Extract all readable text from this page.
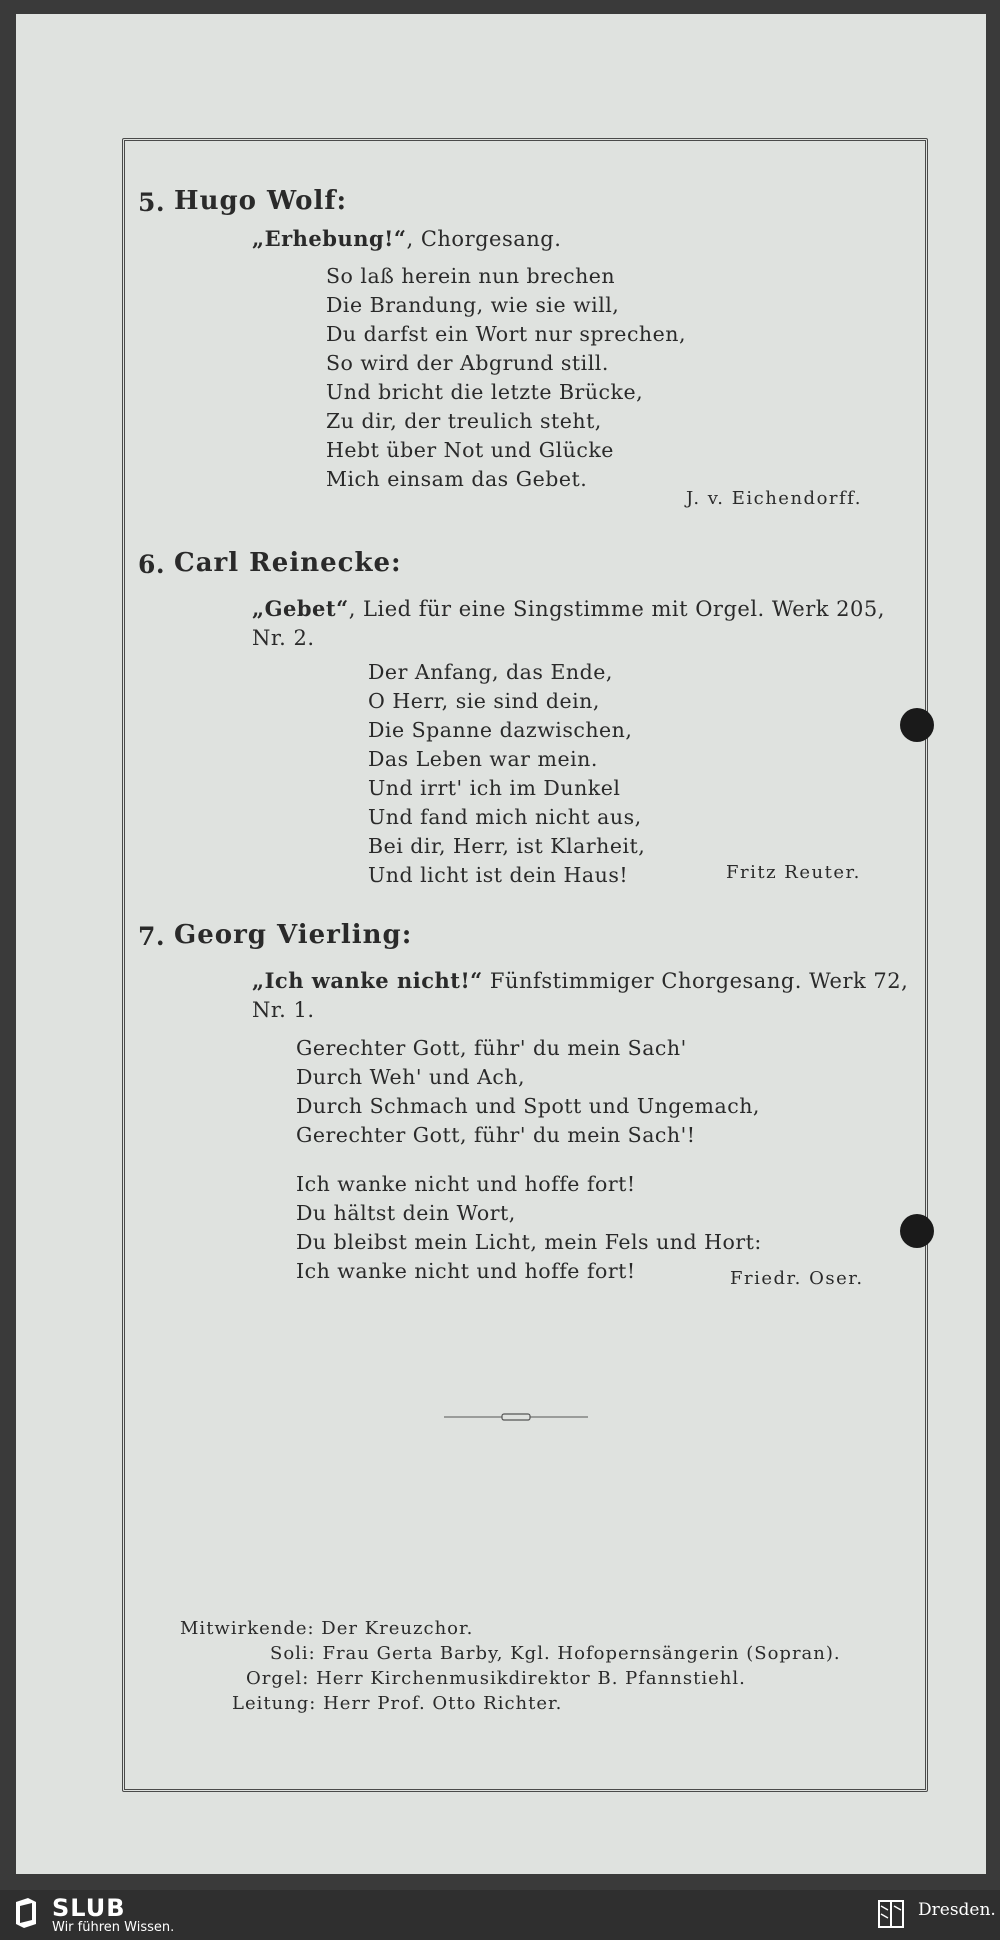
5. Hugo Wolf:
„Erhebung!“, Chorgesang.
So laß herein nun brechen
Die Brandung, wie sie will,
Du darfst ein Wort nur sprechen,
So wird der Abgrund still.
Und bricht die letzte Brücke,
Zu dir, der treulich steht,
Hebt über Not und Glücke
Mich einsam das Gebet.
J. v. Eichendorff.
6. Carl Reinecke:
„Gebet“, Lied für eine Singstimme mit Orgel. Werk 205,
Nr. 2.
Der Anfang, das Ende,
O Herr, sie sind dein,
Die Spanne dazwischen,
Das Leben war mein.
Und irrt' ich im Dunkel
Und fand mich nicht aus,
Bei dir, Herr, ist Klarheit,
Und licht ist dein Haus!	Fritz Reuter.
7. Georg Vierling:
„Ich wanke nicht!“ Fünfstimmiger Chorgesang. Werk 72,
Nr. 1.
Gerechter Gott, führ' du mein Sach'
Durch Weh' und Ach,
Durch Schmach und Spott und Ungemach,
Gerechter Gott, führ' du mein Sach'!
Ich wanke nicht und hoffe fort!
Du hältst dein Wort,
Du bleibst mein Licht, mein Fels und Hort:
Ich wanke nicht und hoffe fort!	Friedr. Oser.
Mitwirkende: Der Kreuzchor.
Soli: Frau Gerta Barby, Kgl. Hofopernsängerin (Sopran).
Orgel: Herr Kirchenmusikdirektor B. Pfannstiehl.
Leitung: Herr Prof. Otto Richter.
SLUB
Wir führen Wissen.
Dresden.
